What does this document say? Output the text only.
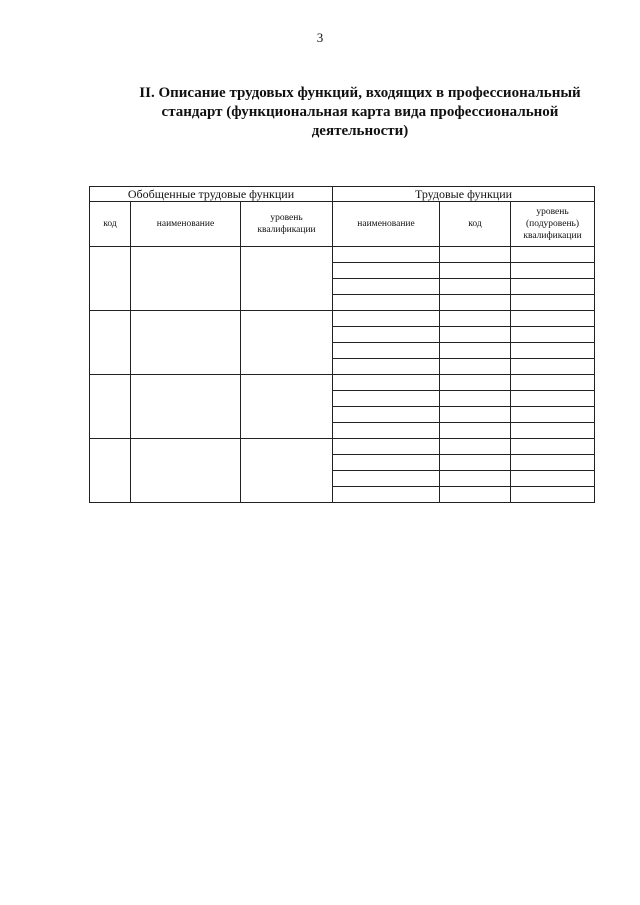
3
II. Описание трудовых функций, входящих в профессиональный
стандарт (функциональная карта вида профессиональной
деятельности)
Обобщенные трудовые функции			Трудовые функции		
код	наименование	уровень квалификации	наименование	код	уровень (подуровень) квалификации
